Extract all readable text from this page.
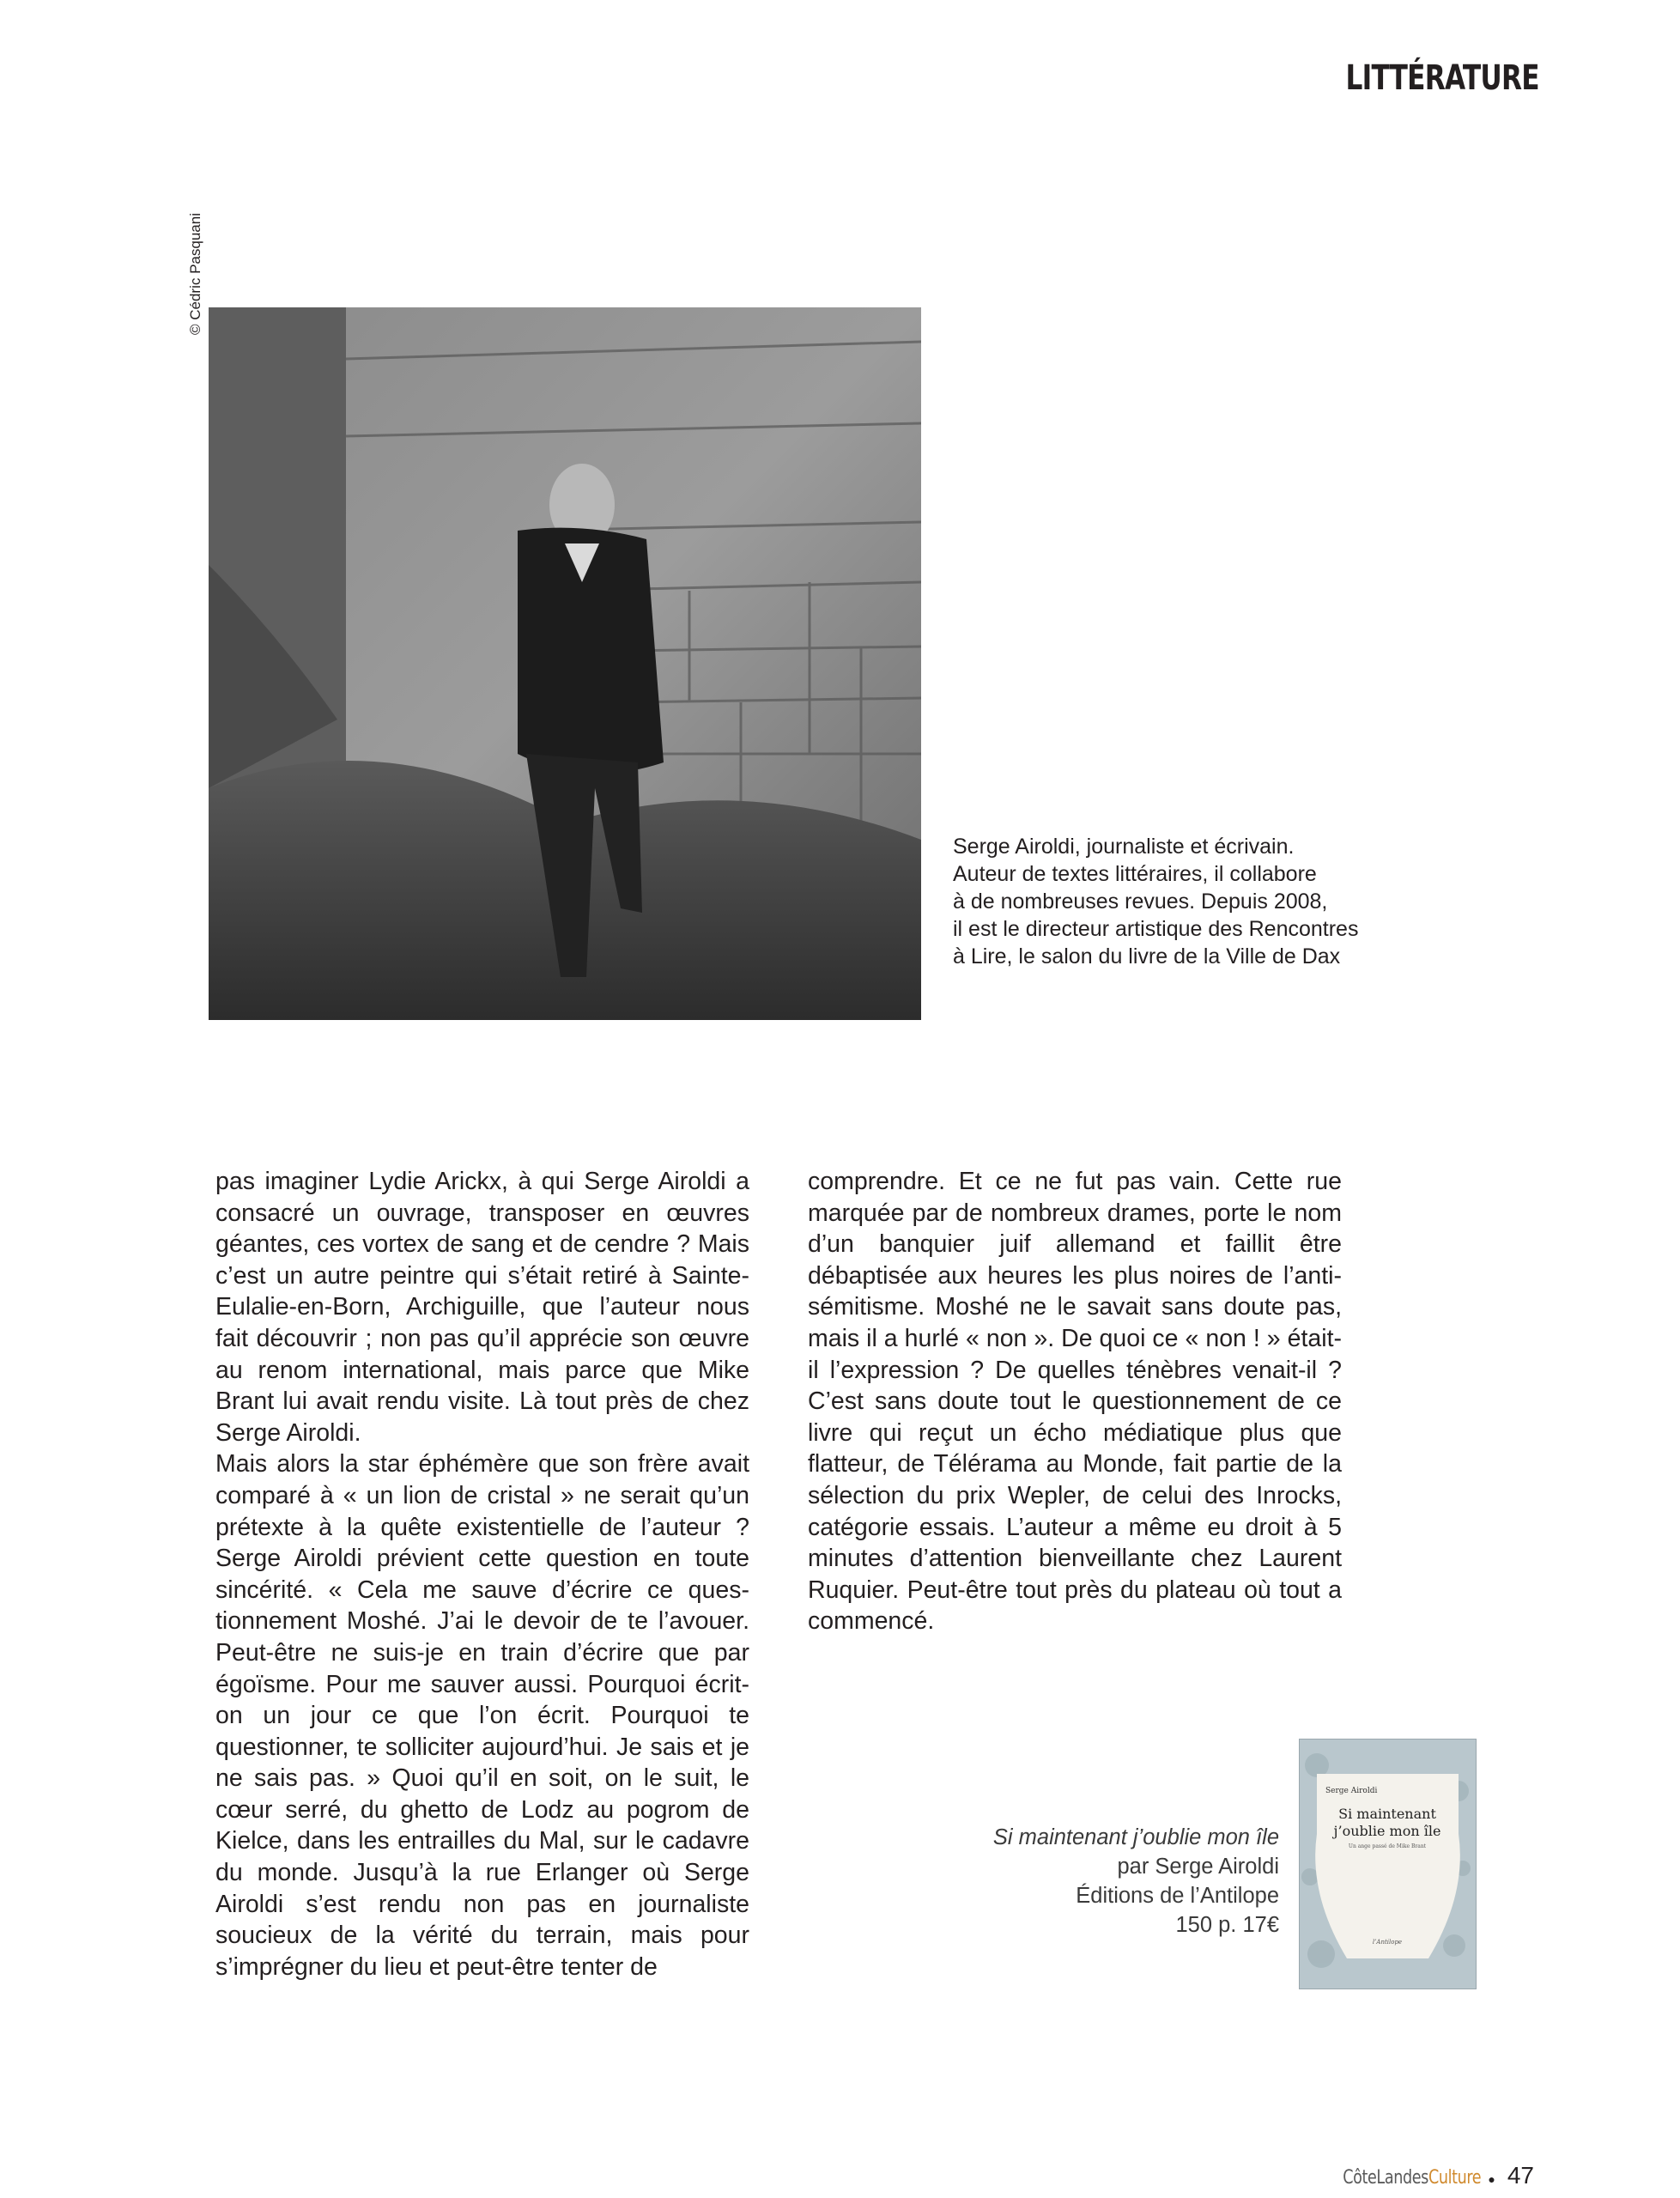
LITTÉRATURE
© Cédric Pasquani
Serge Airoldi, journaliste et écrivain.
Auteur de textes littéraires, il collabore
à de nombreuses revues. Depuis 2008,
il est le directeur artistique des Rencontres
à Lire, le salon du livre de la Ville de Dax

pas imaginer Lydie Arickx, à qui Serge Airoldi a consacré un ouvrage, transposer en œuvres géantes, ces vortex de sang et de cendre ? Mais c’est un autre peintre qui s’était retiré à Sainte-Eulalie-en-Born, Archiguille, que l’auteur nous fait découvrir ; non pas qu’il apprécie son œuvre au renom international, mais parce que Mike Brant lui avait rendu visite. Là tout près de chez Serge Airoldi.

Mais alors la star éphémère que son frère avait comparé à « un lion de cristal » ne serait qu’un prétexte à la quête existentielle de l’auteur ? Serge Airoldi prévient cette question en toute sincérité. « Cela me sauve d’écrire ce questionnement Moshé. J’ai le devoir de te l’avouer. Peut-être ne suis-je en train d’écrire que par égoïsme. Pour me sauver aussi. Pourquoi écrit-on un jour ce que l’on écrit. Pourquoi te questionner, te solliciter aujourd’hui. Je sais et je ne sais pas. » Quoi qu’il en soit, on le suit, le cœur serré, du ghetto de Lodz au pogrom de Kielce, dans les entrailles du Mal, sur le cadavre du monde. Jusqu’à la rue Erlanger où Serge Airoldi s’est rendu non pas en journaliste soucieux de la vérité du terrain, mais pour s’imprégner du lieu et peut-être tenter de

comprendre. Et ce ne fut pas vain. Cette rue marquée par de nombreux drames, porte le nom d’un banquier juif allemand et faillit être débaptisée aux heures les plus noires de l’antisémitisme. Moshé ne le savait sans doute pas, mais il a hurlé « non ». De quoi ce « non ! » était-il l’expression ? De quelles ténèbres venait-il ? C’est sans doute tout le questionnement de ce livre qui reçut un écho médiatique plus que flatteur, de Télérama au Monde, fait partie de la sélection du prix Wepler, de celui des Inrocks, catégorie essais. L’auteur a même eu droit à 5 minutes d’attention bienveillante chez Laurent Ruquier. Peut-être tout près du plateau où tout a commencé.

Si maintenant j’oublie mon île
par Serge Airoldi
Éditions de l’Antilope
150 p. 17€
Serge Airoldi
Si maintenant
j’oublie mon île
Un ange passé de Mike Brant
l’Antilope
CôteLandesCulture ● 47
